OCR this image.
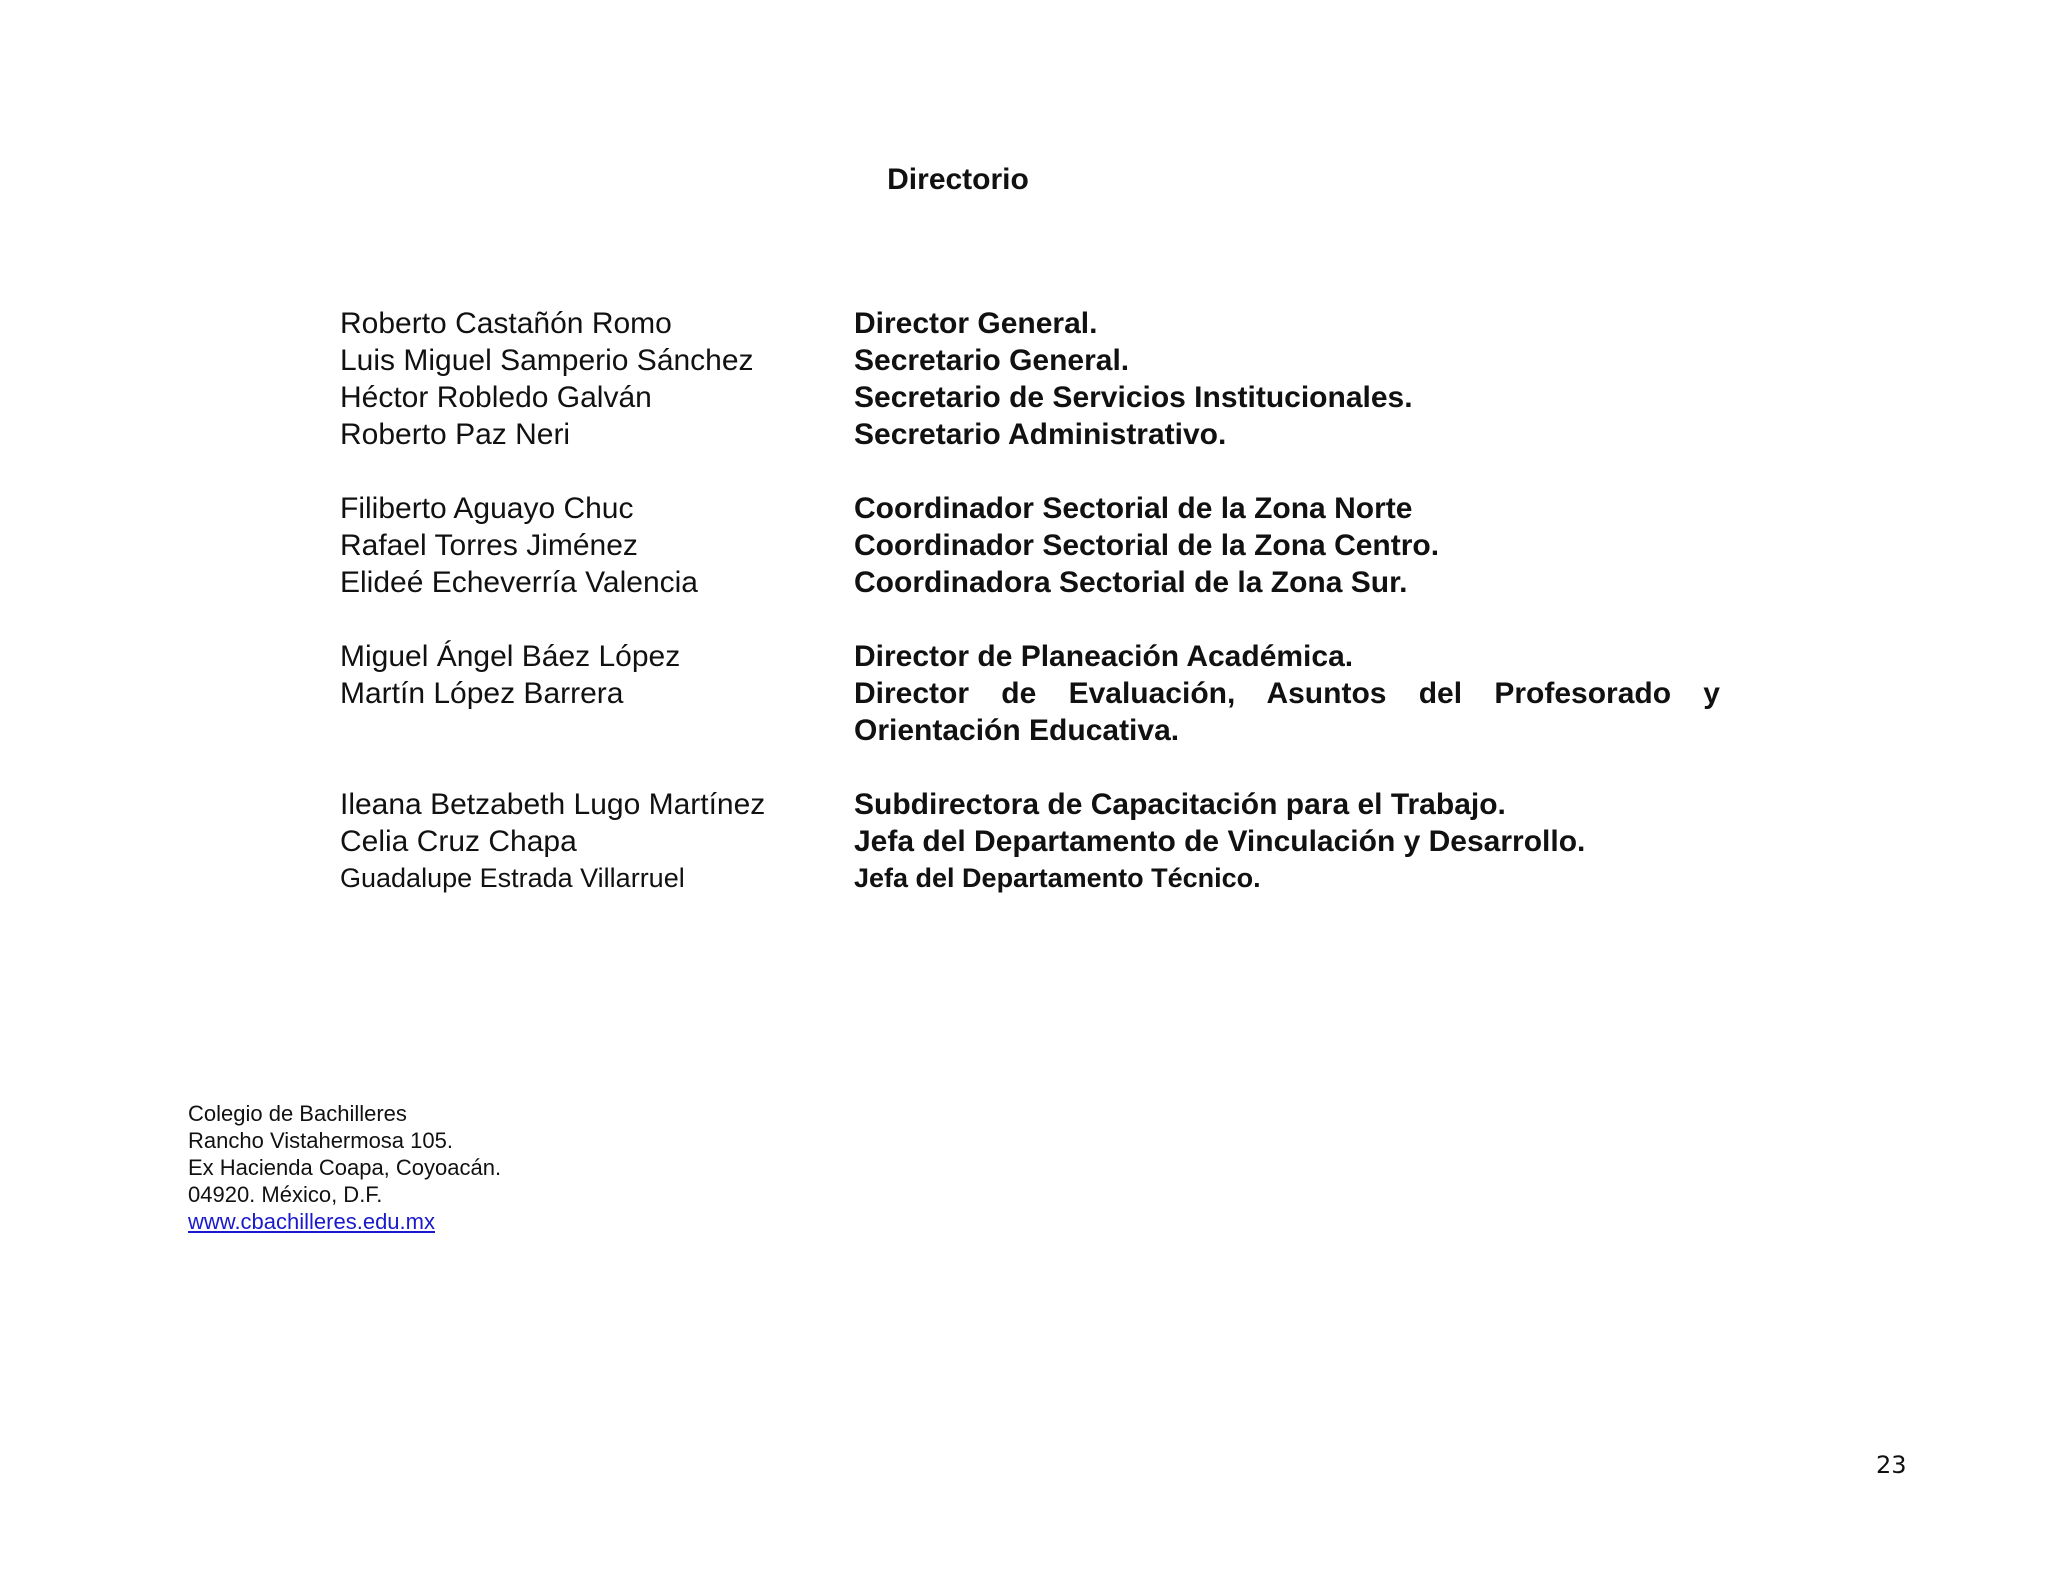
Directorio
Roberto Castañón Romo	Director General.
Luis Miguel Samperio Sánchez	Secretario General.
Héctor Robledo Galván	Secretario de Servicios Institucionales.
Roberto Paz Neri	Secretario Administrativo.
Filiberto Aguayo Chuc	Coordinador Sectorial de la Zona Norte
Rafael Torres Jiménez	Coordinador Sectorial de la Zona Centro.
Elideé Echeverría Valencia	Coordinadora Sectorial de la Zona Sur.
Miguel Ángel Báez López	Director de Planeación Académica.
Martín López Barrera	Director de Evaluación, Asuntos del Profesorado y Orientación Educativa.
Ileana Betzabeth Lugo Martínez	Subdirectora de Capacitación para el Trabajo.
Celia Cruz Chapa	Jefa del Departamento de Vinculación y Desarrollo.
Guadalupe Estrada Villarruel	Jefa del Departamento Técnico.
Colegio de Bachilleres
Rancho Vistahermosa 105.
Ex Hacienda Coapa, Coyoacán.
04920. México, D.F.
www.cbachilleres.edu.mx
23
